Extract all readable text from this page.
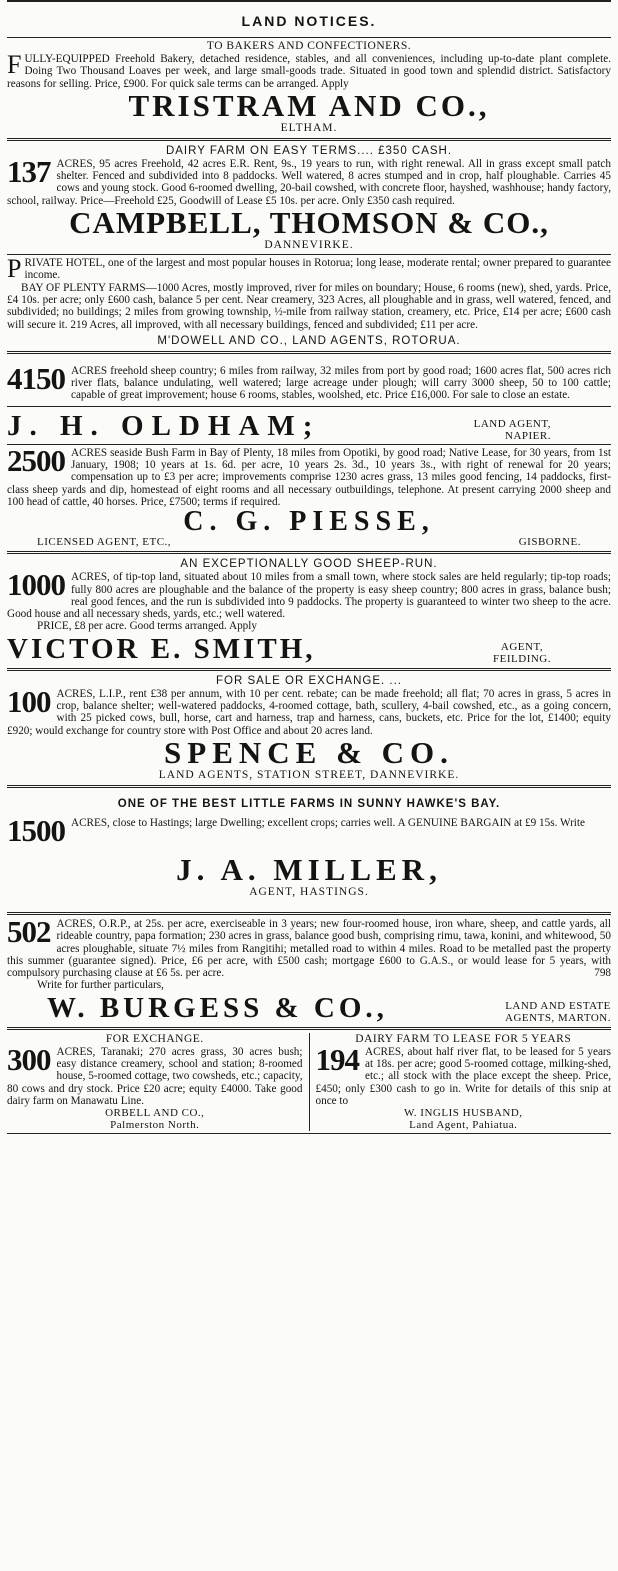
LAND NOTICES.
TO BAKERS AND CONFECTIONERS.
FULLY-EQUIPPED Freehold Bakery, detached residence, stables, and all conveniences, including up-to-date plant complete. Doing Two Thousand Loaves per week, and large small-goods trade. Situated in good town and splendid district. Satisfactory reasons for selling. Price, £900. For quick sale terms can be arranged. Apply
TRISTRAM AND CO.,
ELTHAM.
DAIRY FARM ON EASY TERMS.... £350 CASH.
137 ACRES, 95 acres Freehold, 42 acres E.R. Rent, 9s., 19 years to run, with right renewal. All in grass except small patch shelter. Fenced and subdivided into 8 paddocks. Well watered, 8 acres stumped and in crop, half ploughable. Carries 45 cows and young stock. Good 6-roomed dwelling, 20-bail cowshed, with concrete floor, hayshed, washhouse; handy factory, school, railway. Price—Freehold £25, Goodwill of Lease £5 10s. per acre. Only £350 cash required.
CAMPBELL, THOMSON & CO.,
DANNEVIRKE.
PRIVATE HOTEL, one of the largest and most popular houses in Rotorua; long lease, moderate rental; owner prepared to guarantee income.
BAY OF PLENTY FARMS—1000 Acres, mostly improved, river for miles on boundary; House, 6 rooms (new), shed, yards. Price, £4 10s. per acre; only £600 cash, balance 5 per cent. Near creamery, 323 Acres, all ploughable and in grass, well watered, fenced, and subdivided; no buildings; 2 miles from growing township, ½-mile from railway station, creamery, etc. Price, £14 per acre; £600 cash will secure it. 219 Acres, all improved, with all necessary buildings, fenced and subdivided; £11 per acre.
M'DOWELL AND CO., LAND AGENTS, ROTORUA.
4150 ACRES freehold sheep country; 6 miles from railway, 32 miles from port by good road; 1600 acres flat, 500 acres rich river flats, balance undulating, well watered; large acreage under plough; will carry 3000 sheep, 50 to 100 cattle; capable of great improvement; house 6 rooms, stables, woolshed, etc. Price £16,000. For sale to close an estate.
J. H. OLDHAM;	LAND AGENT,
NAPIER.
2500 ACRES seaside Bush Farm in Bay of Plenty, 18 miles from Opotiki, by good road; Native Lease, for 30 years, from 1st January, 1908; 10 years at 1s. 6d. per acre, 10 years 2s. 3d., 10 years 3s., with right of renewal for 20 years; compensation up to £3 per acre; improvements comprise 1230 acres grass, 13 miles good fencing, 14 paddocks, first-class sheep yards and dip, homestead of eight rooms and all necessary outbuildings, telephone. At present carrying 2000 sheep and 100 head of cattle, 40 horses. Price, £7500; terms if required.
C. G. PIESSE,
LICENSED AGENT, ETC.,	GISBORNE.
AN EXCEPTIONALLY GOOD SHEEP-RUN.
1000 ACRES, of tip-top land, situated about 10 miles from a small town, where stock sales are held regularly; tip-top roads; fully 800 acres are ploughable and the balance of the property is easy sheep country; 800 acres in grass, balance bush; real good fences, and the run is subdivided into 9 paddocks. The property is guaranteed to winter two sheep to the acre. Good house and all necessary sheds, yards, etc.; well watered.
PRICE, £8 per acre. Good terms arranged. Apply
VICTOR E. SMITH,	AGENT,
FEILDING.
FOR SALE OR EXCHANGE. ...
100 ACRES, L.I.P., rent £38 per annum, with 10 per cent. rebate; can be made freehold; all flat; 70 acres in grass, 5 acres in crop, balance shelter; well-watered paddocks, 4-roomed cottage, bath, scullery, 4-bail cowshed, etc., as a going concern, with 25 picked cows, bull, horse, cart and harness, trap and harness, cans, buckets, etc. Price for the lot, £1400; equity £920; would exchange for country store with Post Office and about 20 acres land.
SPENCE & CO.
LAND AGENTS, STATION STREET, DANNEVIRKE.
ONE OF THE BEST LITTLE FARMS IN SUNNY HAWKE'S BAY.
1500 ACRES, close to Hastings; large Dwelling; excellent crops; carries well. A GENUINE BARGAIN at £9 15s. Write
J. A. MILLER,
AGENT, HASTINGS.
502 ACRES, O.R.P., at 25s. per acre, exerciseable in 3 years; new four-roomed house, iron whare, sheep, and cattle yards, all rideable country, papa formation; 230 acres in grass, balance good bush, comprising rimu, tawa, konini, and whitewood, 50 acres ploughable, situate 7½ miles from Rangitihi; metalled road to within 4 miles. Road to be metalled past the property this summer (guarantee signed). Price, £6 per acre, with £500 cash; mortgage £600 to G.A.S., or would lease for 5 years, with compulsory purchasing clause at £6 5s. per acre.	798
Write for further particulars,
W. BURGESS & CO.,	LAND AND ESTATE
AGENTS, MARTON.
FOR EXCHANGE.
300 ACRES, Taranaki; 270 acres grass, 30 acres bush; easy distance creamery, school and station; 8-roomed house, 5-roomed cottage, two cowsheds, etc.; capacity, 80 cows and dry stock. Price £20 acre; equity £4000. Take good dairy farm on Manawatu Line.
ORBELL AND CO.,
Palmerston North.
DAIRY FARM TO LEASE FOR 5 YEARS
194 ACRES, about half river flat, to be leased for 5 years at 18s. per acre; good 5-roomed cottage, milking-shed, etc.; all stock with the place except the sheep. Price, £450; only £300 cash to go in. Write for details of this snip at once to
W. INGLIS HUSBAND,
Land Agent, Pahiatua.
